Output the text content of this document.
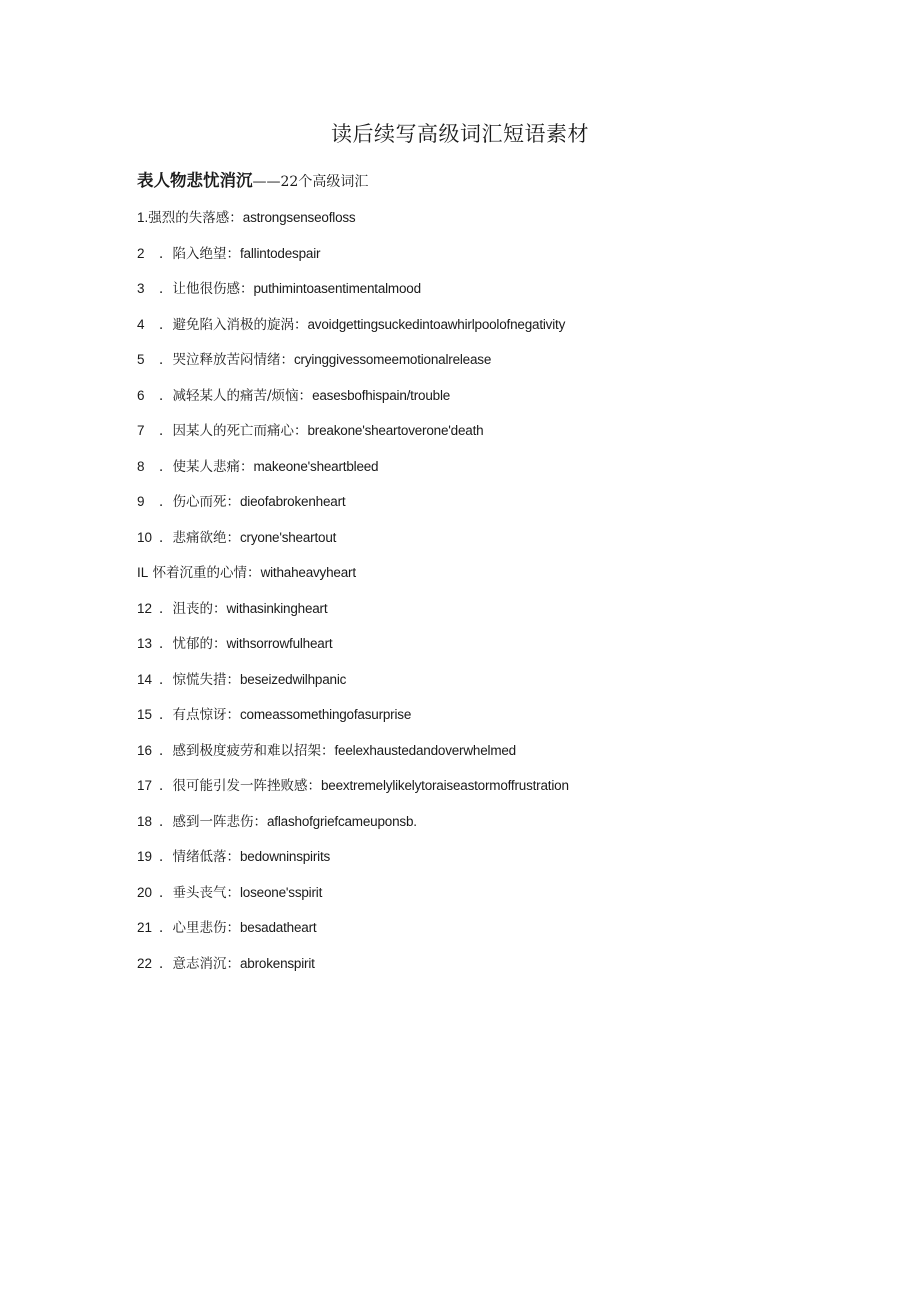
读后续写高级词汇短语素材
表人物悲忧消沉——22个高级词汇
1.强烈的失落感：astrongsenseofloss
2 ．陷入绝望：fallintodespair
3 ．让他很伤感：puthimintoasentimentalmood
4 ．避免陷入消极的旋涡：avoidgettingsuckedintoawhirlpoolofnegativity
5 ．哭泣释放苦闷情绪：cryinggivessomeemotionalrelease
6 ．减轻某人的痛苦/烦恼：easesbofhispain/trouble
7 ．因某人的死亡而痛心：breakone'sheartoverone'death
8 ．使某人悲痛：makeone'sheartbleed
9 ．伤心而死：dieofabrokenheart
10 ．悲痛欲绝：cryone'sheartout
IL 怀着沉重的心情：withaheavyheart
12 ．沮丧的：withasinkingheart
13 ．忧郁的：withsorrowfulheart
14 ．惊慌失措：beseizedwilhpanic
15 ．有点惊讶：comeassomethingofasurprise
16 ．感到极度疲劳和难以招架：feelexhaustedandoverwhelmed
17 ．很可能引发一阵挫败感：beextremelylikelytoraiseastormoffrustration
18 ．感到一阵悲伤：aflashofgriefcameuponsb.
19 ．情绪低落：bedowninspirits
20 ．垂头丧气：loseone'sspirit
21 ．心里悲伤：besadatheart
22 ．意志消沉：abrokenspirit
